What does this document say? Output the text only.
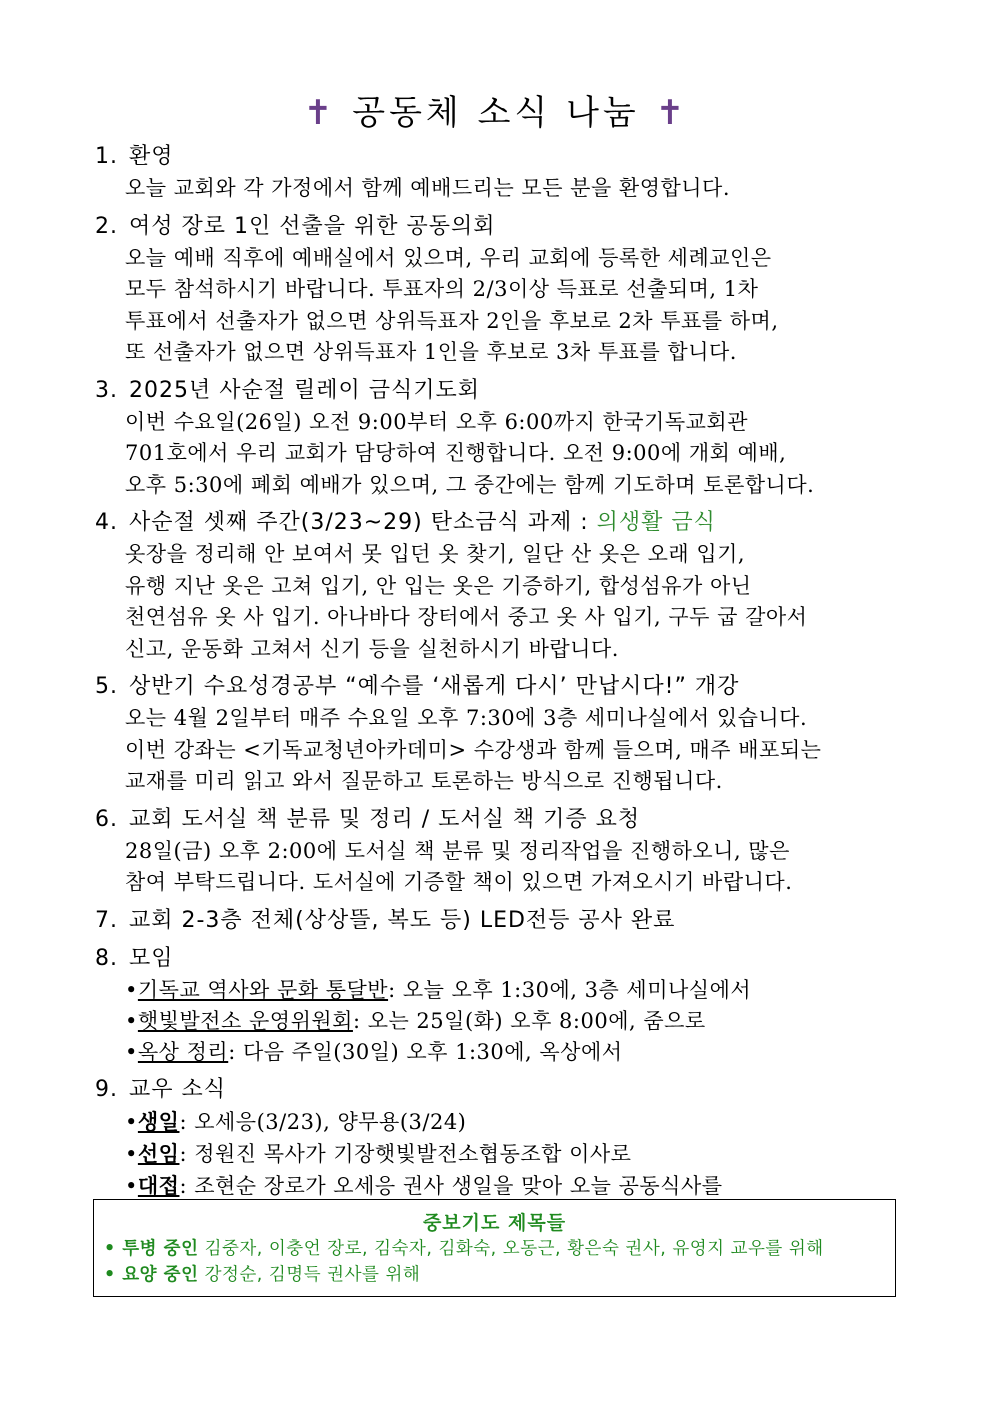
✝ 공동체 소식 나눔 ✝
1. 환영
오늘 교회와 각 가정에서 함께 예배드리는 모든 분을 환영합니다.
2. 여성 장로 1인 선출을 위한 공동의회
오늘 예배 직후에 예배실에서 있으며, 우리 교회에 등록한 세례교인은
모두 참석하시기 바랍니다. 투표자의 2/3이상 득표로 선출되며, 1차
투표에서 선출자가 없으면 상위득표자 2인을 후보로 2차 투표를 하며,
또 선출자가 없으면 상위득표자 1인을 후보로 3차 투표를 합니다.
3. 2025년 사순절 릴레이 금식기도회
이번 수요일(26일) 오전 9:00부터 오후 6:00까지 한국기독교회관
701호에서 우리 교회가 담당하여 진행합니다. 오전 9:00에 개회 예배,
오후 5:30에 폐회 예배가 있으며, 그 중간에는 함께 기도하며 토론합니다.
4. 사순절 셋째 주간(3/23~29) 탄소금식 과제 : 의생활 금식
옷장을 정리해 안 보여서 못 입던 옷 찾기, 일단 산 옷은 오래 입기,
유행 지난 옷은 고쳐 입기, 안 입는 옷은 기증하기, 합성섬유가 아닌
천연섬유 옷 사 입기. 아나바다 장터에서 중고 옷 사 입기, 구두 굽 갈아서
신고, 운동화 고쳐서 신기 등을 실천하시기 바랍니다.
5. 상반기 수요성경공부 “예수를 ‘새롭게 다시’ 만납시다!” 개강
오는 4월 2일부터 매주 수요일 오후 7:30에 3층 세미나실에서 있습니다.
이번 강좌는 <기독교청년아카데미> 수강생과 함께 들으며, 매주 배포되는
교재를 미리 읽고 와서 질문하고 토론하는 방식으로 진행됩니다.
6. 교회 도서실 책 분류 및 정리 / 도서실 책 기증 요청
28일(금) 오후 2:00에 도서실 책 분류 및 정리작업을 진행하오니, 많은
참여 부탁드립니다. 도서실에 기증할 책이 있으면 가져오시기 바랍니다.
7. 교회 2-3층 전체(상상뜰, 복도 등) LED전등 공사 완료
8. 모임
•기독교 역사와 문화 통달반: 오늘 오후 1:30에, 3층 세미나실에서
•햇빛발전소 운영위원회: 오는 25일(화) 오후 8:00에, 줌으로
•옥상 정리: 다음 주일(30일) 오후 1:30에, 옥상에서
9. 교우 소식
•생일: 오세응(3/23), 양무용(3/24)
•선임: 정원진 목사가 기장햇빛발전소협동조합 이사로
•대접: 조현순 장로가 오세응 권사 생일을 맞아 오늘 공동식사를
중보기도 제목들
• 투병 중인 김중자, 이충언 장로, 김숙자, 김화숙, 오동근, 황은숙 권사, 유영지 교우를 위해
• 요양 중인 강정순, 김명득 권사를 위해
